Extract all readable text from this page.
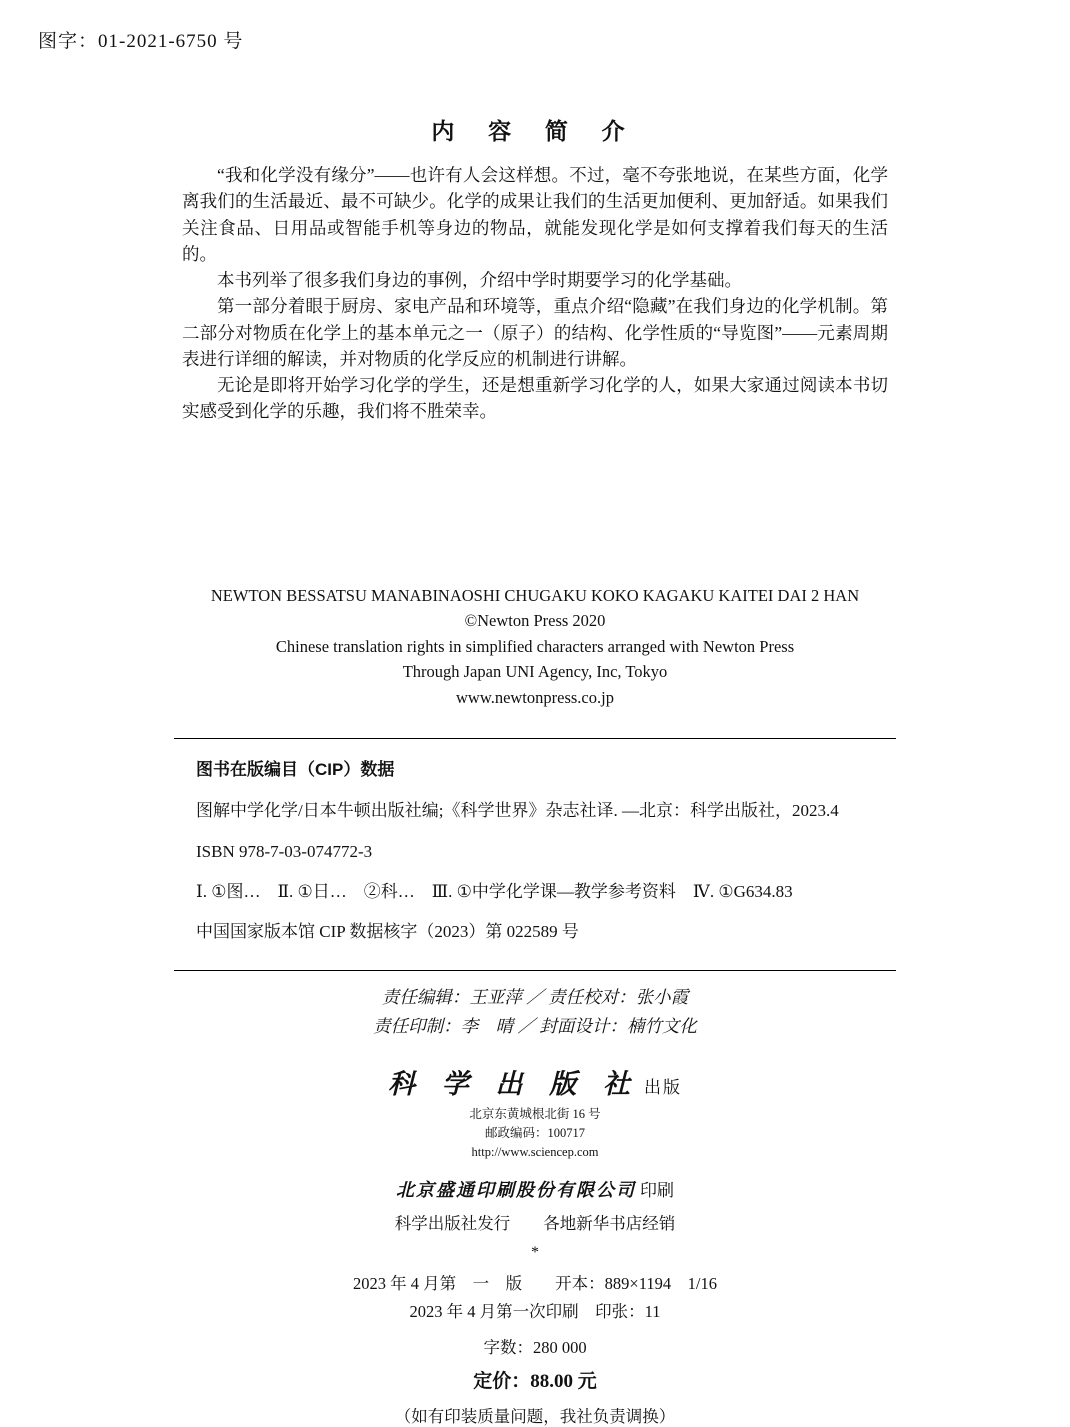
图字：01-2021-6750 号
内 容 简 介

“我和化学没有缘分”——也许有人会这样想。不过，毫不夸张地说，在某些方面，化学离我们的生活最近、最不可缺少。化学的成果让我们的生活更加便利、更加舒适。如果我们关注食品、日用品或智能手机等身边的物品，就能发现化学是如何支撑着我们每天的生活的。

本书列举了很多我们身边的事例，介绍中学时期要学习的化学基础。

第一部分着眼于厨房、家电产品和环境等，重点介绍“隐藏”在我们身边的化学机制。第二部分对物质在化学上的基本单元之一（原子）的结构、化学性质的“导览图”——元素周期表进行详细的解读，并对物质的化学反应的机制进行讲解。

无论是即将开始学习化学的学生，还是想重新学习化学的人，如果大家通过阅读本书切实感受到化学的乐趣，我们将不胜荣幸。

NEWTON BESSATSU MANABINAOSHI CHUGAKU KOKO KAGAKU KAITEI DAI 2 HAN
©Newton Press 2020
Chinese translation rights in simplified characters arranged with Newton Press
Through Japan UNI Agency, Inc, Tokyo
www.newtonpress.co.jp
图书在版编目（CIP）数据
图解中学化学/日本牛顿出版社编;《科学世界》杂志社译. —北京：科学出版社，2023.4
ISBN 978-7-03-074772-3
Ⅰ. ①图…　Ⅱ. ①日…　②科…　Ⅲ. ①中学化学课—教学参考资料　Ⅳ. ①G634.83
中国国家版本馆 CIP 数据核字（2023）第 022589 号
责任编辑：王亚萍 ／ 责任校对：张小霞
责任印制：李　晴 ／ 封面设计：楠竹文化
科 学 出 版 社 出版
北京东黄城根北街 16 号
邮政编码：100717
http://www.sciencep.com
北京盛通印刷股份有限公司 印刷
科学出版社发行　　各地新华书店经销
*
2023 年 4 月第　一　版　　开本：889×1194　1/16
2023 年 4 月第一次印刷　印张：11
字数：280 000
定价：88.00 元
（如有印装质量问题，我社负责调换）
